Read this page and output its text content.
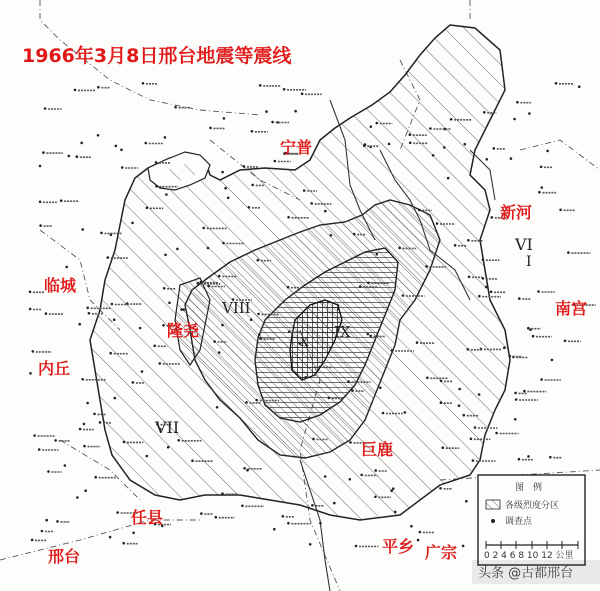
VI
I
VII
VIII
IX
X
1966年3月8日邢台地震等震线
宁普
新河
临城
南宫
隆尧
内丘
巨鹿
任县
平乡 广宗
邢台
图　例
各级烈度分区
调查点
0 2 4 6 8 10 12 公里
头条 @古都邢台
